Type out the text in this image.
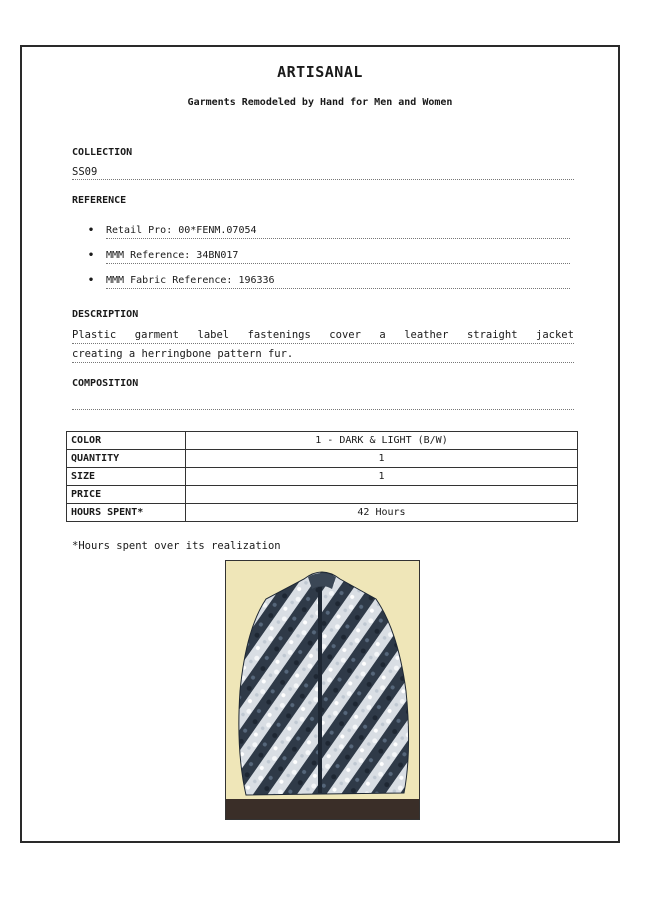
ARTISANAL
Garments Remodeled by Hand for Men and Women
COLLECTION
SS09
REFERENCE
• Retail Pro: 00*FENM.07054
• MMM Reference: 34BN017
• MMM Fabric Reference: 196336
DESCRIPTION
Plastic garment label fastenings cover a leather straight jacket
creating a herringbone pattern fur.
COMPOSITION
COLOR	1 - DARK & LIGHT (B/W)
QUANTITY	1
SIZE	1
PRICE	
HOURS SPENT*	42 Hours
*Hours spent over its realization
